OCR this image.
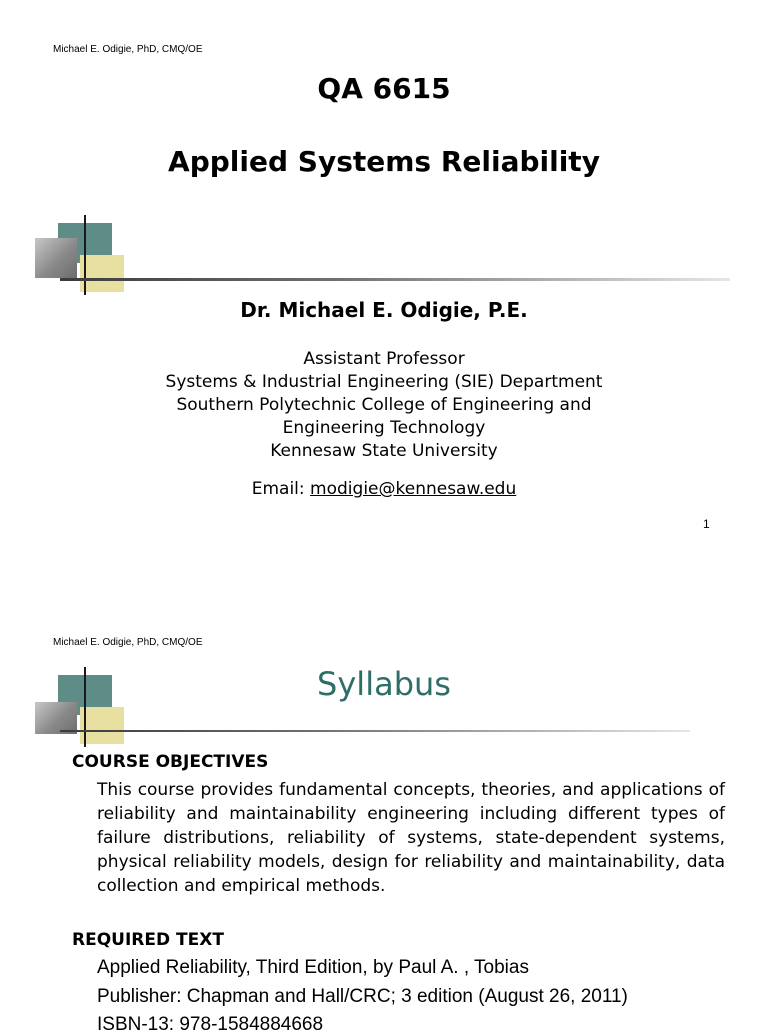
Michael E. Odigie, PhD, CMQ/OE
QA 6615
Applied Systems Reliability
Dr. Michael E. Odigie, P.E.
Assistant Professor
Systems & Industrial Engineering (SIE) Department
Southern Polytechnic College of Engineering and
Engineering Technology
Kennesaw State University
Email: modigie@kennesaw.edu
1
Michael E. Odigie, PhD, CMQ/OE
Syllabus
COURSE OBJECTIVES
This course provides fundamental concepts, theories, and applications of reliability and maintainability engineering including different types of failure distributions, reliability of systems, state-dependent systems, physical reliability models, design for reliability and maintainability, data collection and empirical methods.
REQUIRED TEXT
Applied Reliability, Third Edition, by Paul A. , Tobias
Publisher: Chapman and Hall/CRC; 3 edition (August 26, 2011)
ISBN-13: 978-1584884668
